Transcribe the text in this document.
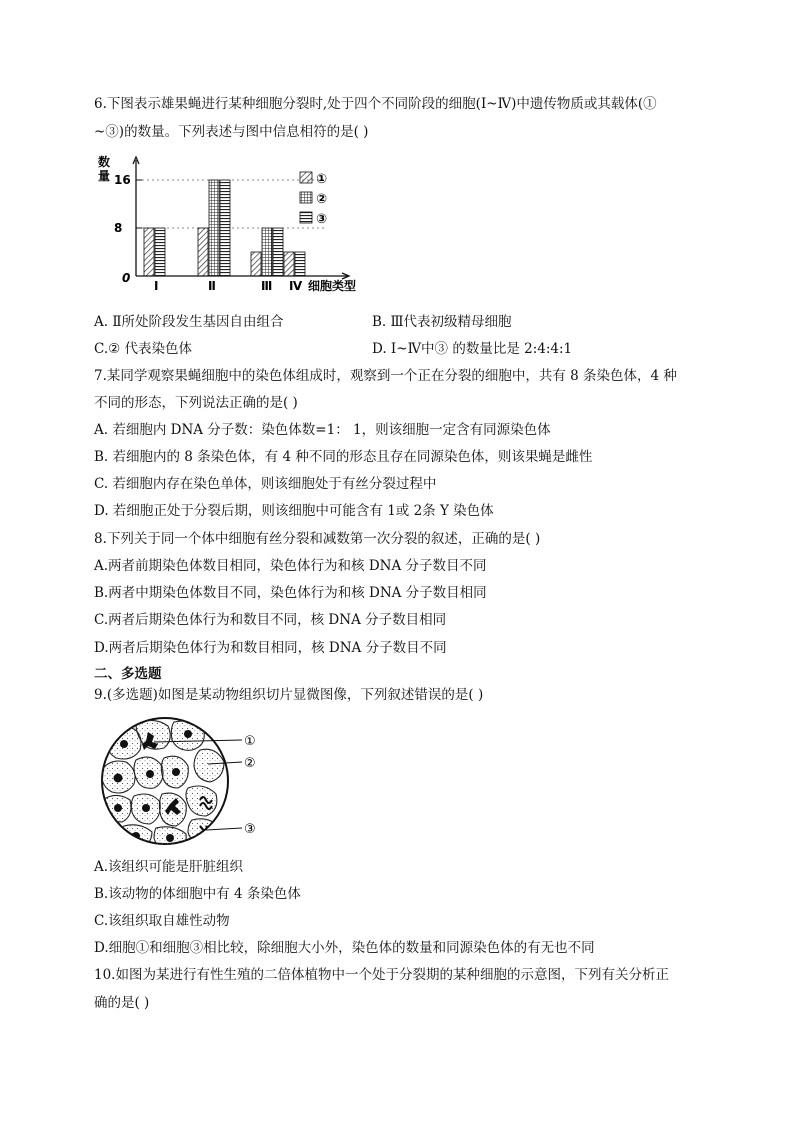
6.下图表示雄果蝇进行某种细胞分裂时,处于四个不同阶段的细胞(Ⅰ~Ⅳ)中遗传物质或其载体(①
~③)的数量。下列表述与图中信息相符的是( )
数
量
0
8
16
Ⅰ	Ⅱ	Ⅲ Ⅳ 细胞类型
①
②
③
A. Ⅱ所处阶段发生基因自由组合	B. Ⅲ代表初级精母细胞
C.② 代表染色体	D. Ⅰ~Ⅳ中③ 的数量比是 2:4:4:1
7.某同学观察果蝇细胞中的染色体组成时，观察到一个正在分裂的细胞中，共有 8 条染色体，4 种
不同的形态，下列说法正确的是( )
A. 若细胞内 DNA 分子数：染色体数=1： 1，则该细胞一定含有同源染色体
B. 若细胞内的 8 条染色体，有 4 种不同的形态且存在同源染色体，则该果蝇是雌性
C. 若细胞内存在染色单体，则该细胞处于有丝分裂过程中
D. 若细胞正处于分裂后期，则该细胞中可能含有 1或 2条 Y 染色体
8.下列关于同一个体中细胞有丝分裂和减数第一次分裂的叙述，正确的是( )
A.两者前期染色体数目相同，染色体行为和核 DNA 分子数目不同
B.两者中期染色体数目不同，染色体行为和核 DNA 分子数目相同
C.两者后期染色体行为和数目不同，核 DNA 分子数目相同
D.两者后期染色体行为和数目相同，核 DNA 分子数目不同
二、多选题
9.(多选题)如图是某动物组织切片显微图像，下列叙述错误的是( )
①
②
③
A.该组织可能是肝脏组织
B.该动物的体细胞中有 4 条染色体
C.该组织取自雄性动物
D.细胞①和细胞③相比较，除细胞大小外，染色体的数量和同源染色体的有无也不同
10.如图为某进行有性生殖的二倍体植物中一个处于分裂期的某种细胞的示意图，下列有关分析正
确的是( )
